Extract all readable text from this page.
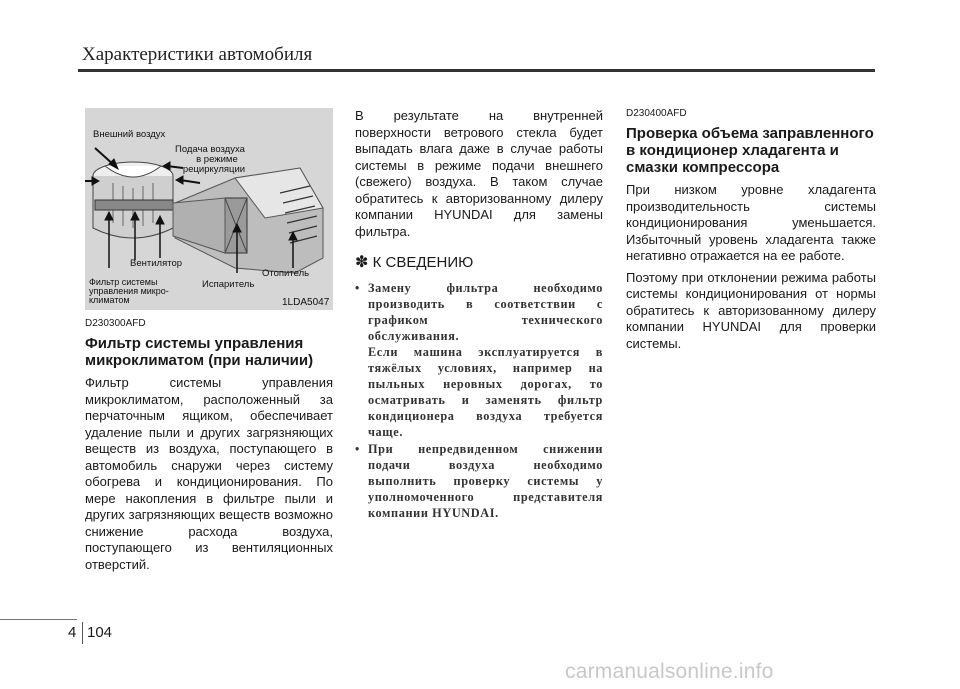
Характеристики автомобиля
Внешний воздух
Подача воздуха
в режиме
рециркуляции
Вентилятор
Отопитель
Фильтр системы
управления микро-
климатом
Испаритель
1LDA5047
D230300AFD
Фильтр системы управления микроклиматом (при наличии)

Фильтр системы управления микроклиматом, расположенный за перчаточным ящиком, обеспечивает удаление пыли и других загрязняющих веществ из воздуха, поступающего в автомобиль снаружи через систему обогрева и кондиционирования. По мере накопления в фильтре пыли и других загрязняющих веществ возможно снижение расхода воздуха, поступающего из вентиляционных отверстий.

В результате на внутренней поверхности ветрового стекла будет выпадать влага даже в случае работы системы в режиме подачи внешнего (свежего) воздуха. В таком случае обратитесь к авторизованному дилеру компании HYUNDAI для замены фильтра.

✽ К СВЕДЕНИЮ
• Замену фильтра необходимо производить в соответствии с графиком технического обслуживания.
Если машина эксплуатируется в тяжёлых условиях, например на пыльных неровных дорогах, то осматривать и заменять фильтр кондиционера воздуха требуется чаще.
• При непредвиденном снижении подачи воздуха необходимо выполнить проверку системы у уполномоченного представителя компании HYUNDAI.
D230400AFD
Проверка объема заправленного в кондиционер хладагента и смазки компрессора

При низком уровне хладагента производительность системы кондиционирования уменьшается. Избыточный уровень хладагента также негативно отражается на ее работе.

Поэтому при отклонении режима работы системы кондиционирования от нормы обратитесь к авторизованному дилеру компании HYUNDAI для проверки системы.

4 104
carmanualsonline.info
